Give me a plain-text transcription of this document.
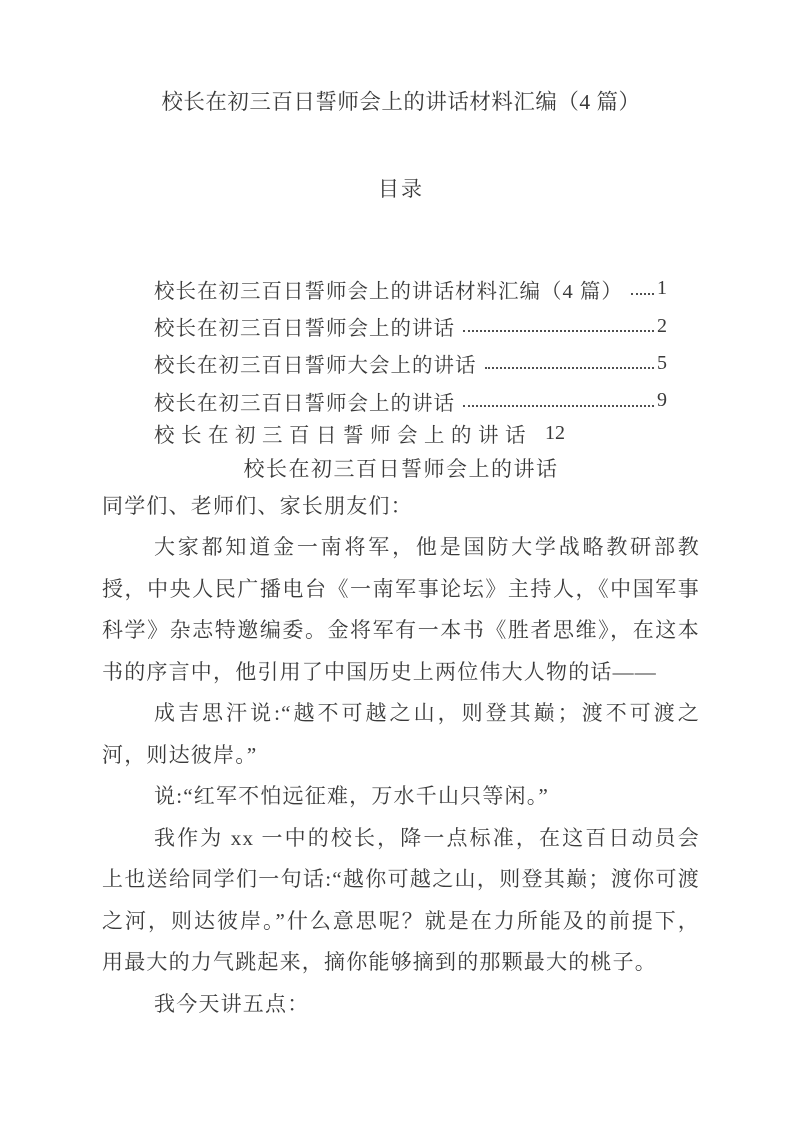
校长在初三百日誓师会上的讲话材料汇编（4 篇）
目录
校长在初三百日誓师会上的讲话材料汇编（4 篇） 1
校长在初三百日誓师会上的讲话	2
校长在初三百日誓师大会上的讲话	5
校长在初三百日誓师会上的讲话	9
校长在初三百日誓师会上的讲话 12
校长在初三百日誓师会上的讲话

同学们、老师们、家长朋友们：

大家都知道金一南将军，他是国防大学战略教研部教授，中央人民广播电台《一南军事论坛》主持人，《中国军事科学》杂志特邀编委。金将军有一本书《胜者思维》，在这本书的序言中，他引用了中国历史上两位伟大人物的话——

成吉思汗说:“越不可越之山，则登其巅；渡不可渡之河，则达彼岸。”

说:“红军不怕远征难，万水千山只等闲。”

我作为 xx 一中的校长，降一点标准，在这百日动员会上也送给同学们一句话:“越你可越之山，则登其巅；渡你可渡之河，则达彼岸。”什么意思呢？就是在力所能及的前提下，用最大的力气跳起来，摘你能够摘到的那颗最大的桃子。

我今天讲五点：
